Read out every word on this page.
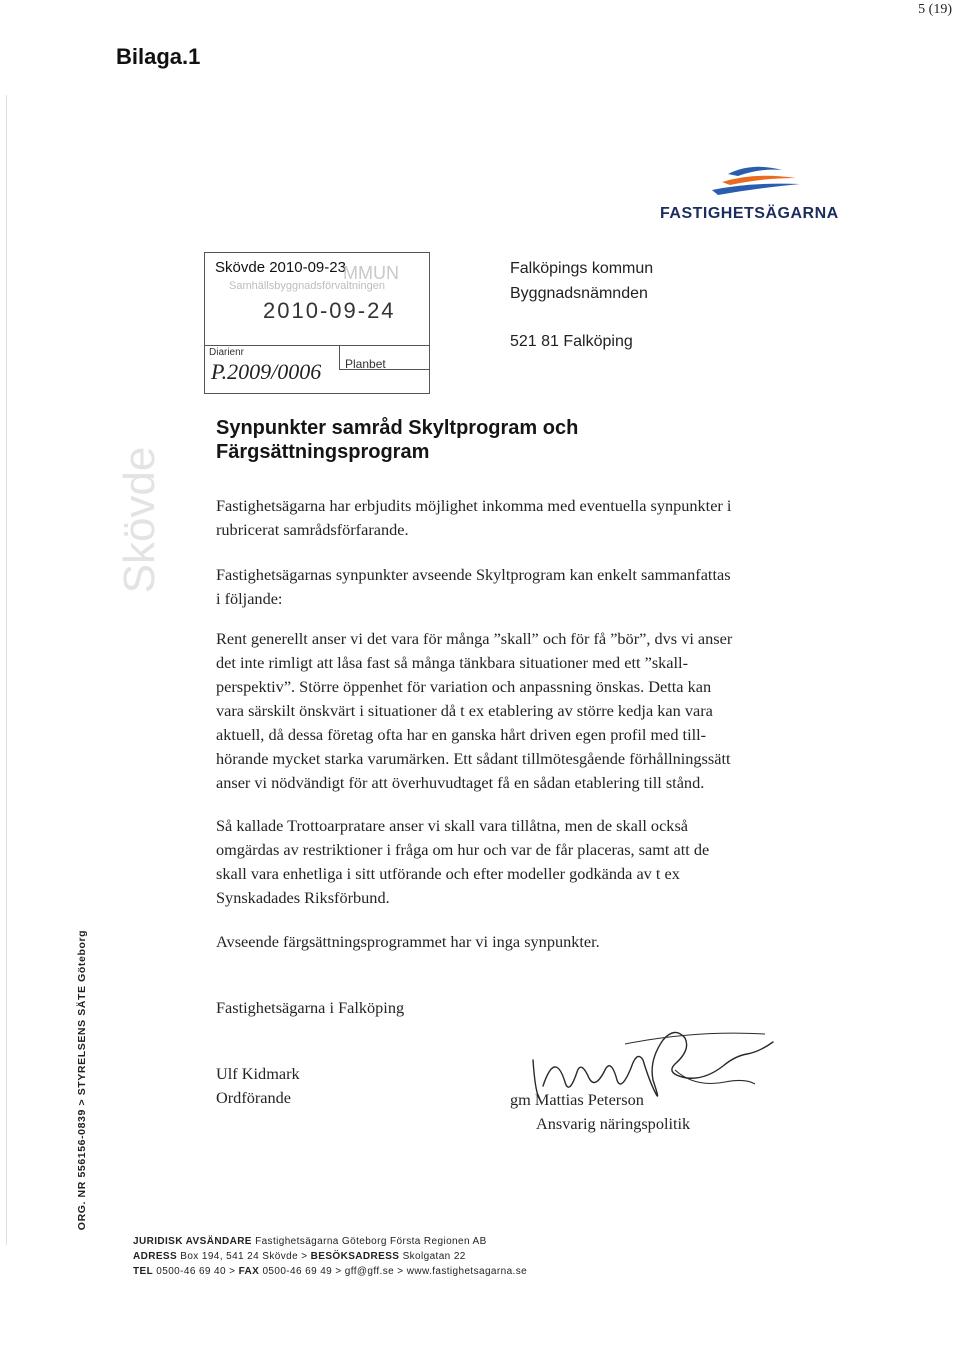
5 (19)
Bilaga.1
FASTIGHETSÄGARNA
Skövde 2010-09-23
MMUN
Samhällsbyggnadsförvaltningen
2010-09-24
Diarienr
P.2009/0006 Planbet
Falköpings kommun
Byggnadsnämnden
521 81 Falköping
Skövde
ORG. NR 556156-0839 > STYRELSENS SÄTE Göteborg
Synpunkter samråd Skyltprogram och
Färgsättningsprogram
Fastighetsägarna har erbjudits möjlighet inkomma med eventuella synpunkter i
rubricerat samrådsförfarande.
Fastighetsägarnas synpunkter avseende Skyltprogram kan enkelt sammanfattas
i följande:
Rent generellt anser vi det vara för många ”skall” och för få ”bör”, dvs vi anser
det inte rimligt att låsa fast så många tänkbara situationer med ett ”skall-
perspektiv”. Större öppenhet för variation och anpassning önskas. Detta kan
vara särskilt önskvärt i situationer då t ex etablering av större kedja kan vara
aktuell, då dessa företag ofta har en ganska hårt driven egen profil med till-
hörande mycket starka varumärken. Ett sådant tillmötesgående förhållningssätt
anser vi nödvändigt för att överhuvudtaget få en sådan etablering till stånd.
Så kallade Trottoarpratare anser vi skall vara tillåtna, men de skall också
omgärdas av restriktioner i fråga om hur och var de får placeras, samt att de
skall vara enhetliga i sitt utförande och efter modeller godkända av t ex
Synskadades Riksförbund.
Avseende färgsättningsprogrammet har vi inga synpunkter.
Fastighetsägarna i Falköping
Ulf Kidmark
Ordförande	gm Mattias Peterson
Ansvarig näringspolitik
JURIDISK AVSÄNDARE Fastighetsägarna Göteborg Första Regionen AB
ADRESS Box 194, 541 24 Skövde > BESÖKSADRESS Skolgatan 22
TEL 0500-46 69 40 > FAX 0500-46 69 49 > gff@gff.se > www.fastighetsagarna.se
